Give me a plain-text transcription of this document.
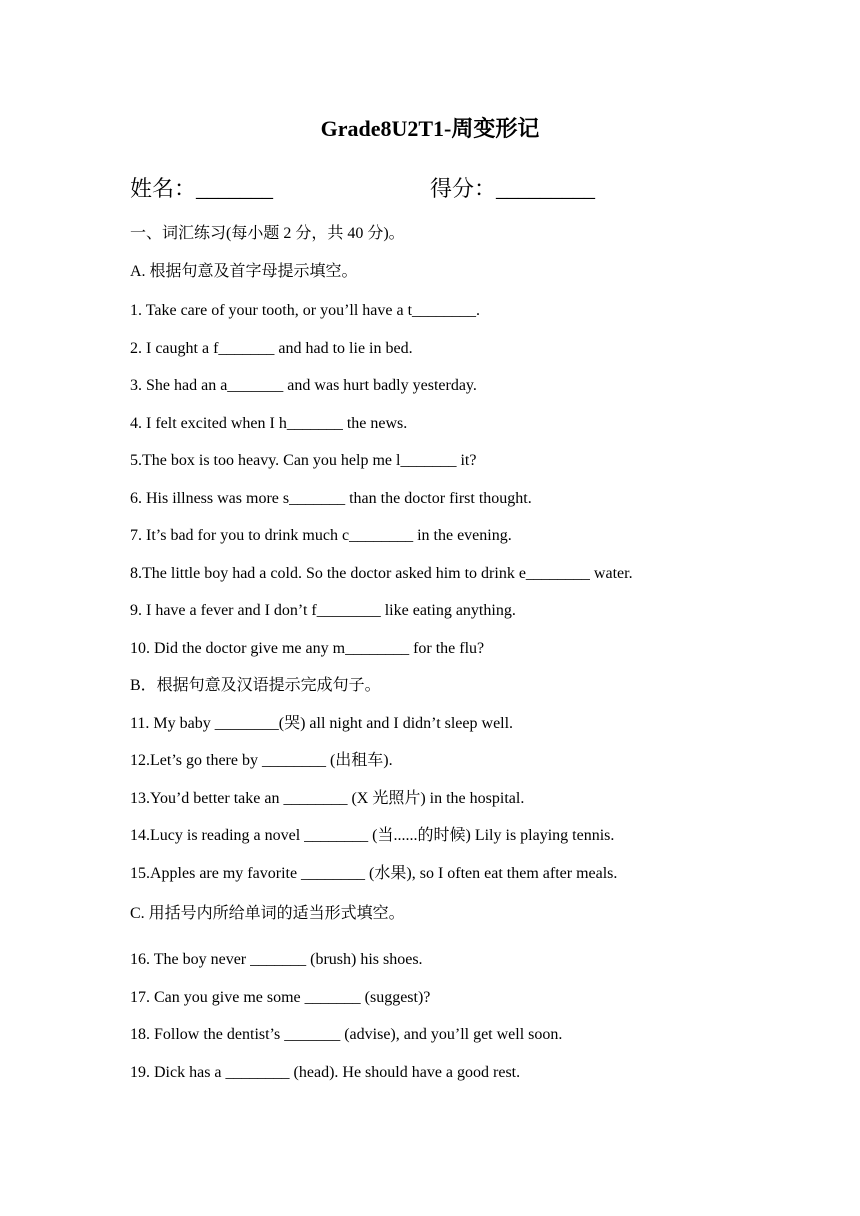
Grade8U2T1-周变形记
姓名：_______	得分：_________
一、词汇练习(每小题 2 分，共 40 分)。
A. 根据句意及首字母提示填空。
1. Take care of your tooth, or you’ll have a t________.
2. I caught a f_______ and had to lie in bed.
3. She had an a_______ and was hurt badly yesterday.
4. I felt excited when I h_______ the news.
5.The box is too heavy. Can you help me l_______ it?
6. His illness was more s_______ than the doctor first thought.
7. It’s bad for you to drink much c________ in the evening.
8.The little boy had a cold. So the doctor asked him to drink e________ water.
9. I have a fever and I don’t f________ like eating anything.
10. Did the doctor give me any m________ for the flu?
B．根据句意及汉语提示完成句子。
11. My baby ________(哭) all night and I didn’t sleep well.
12.Let’s go there by ________ (出租车).
13.You’d better take an ________ (X 光照片) in the hospital.
14.Lucy is reading a novel ________ (当......的时候) Lily is playing tennis.
15.Apples are my favorite ________ (水果), so I often eat them after meals.
C. 用括号内所给单词的适当形式填空。
16. The boy never _______ (brush) his shoes.
17. Can you give me some _______ (suggest)?
18. Follow the dentist’s _______ (advise), and you’ll get well soon.
19. Dick has a ________ (head). He should have a good rest.
